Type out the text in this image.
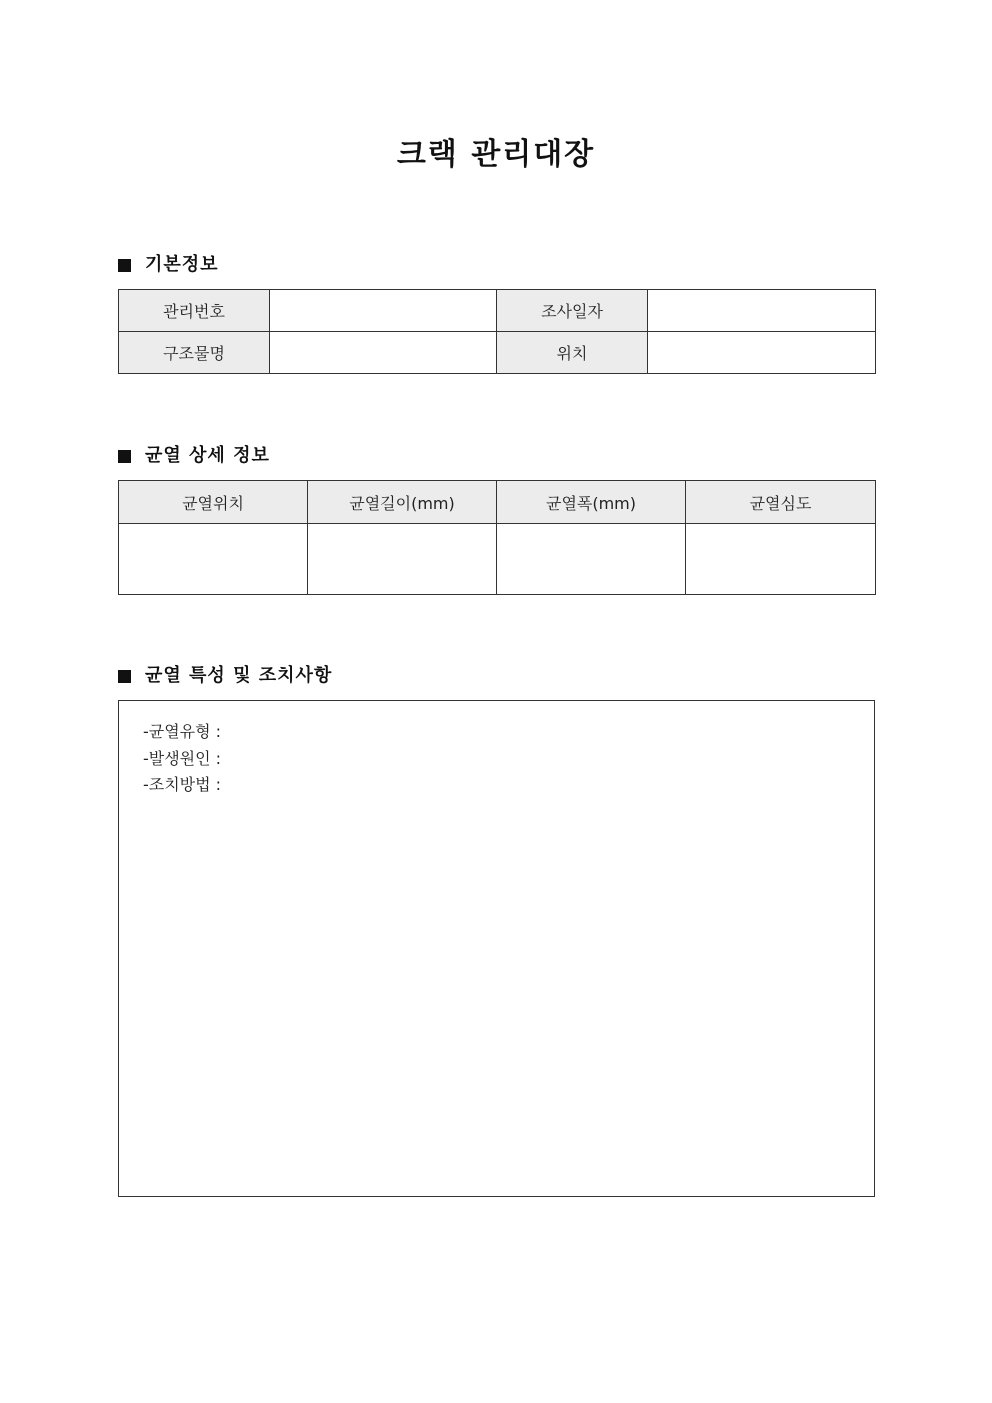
크랙 관리대장
기본정보
관리번호		조사일자	
구조물명		위치	
균열 상세 정보
균열위치	균열길이(mm)	균열폭(mm)	균열심도

균열 특성 및 조치사항
-균열유형 :
-발생원인 :
-조치방법 :
